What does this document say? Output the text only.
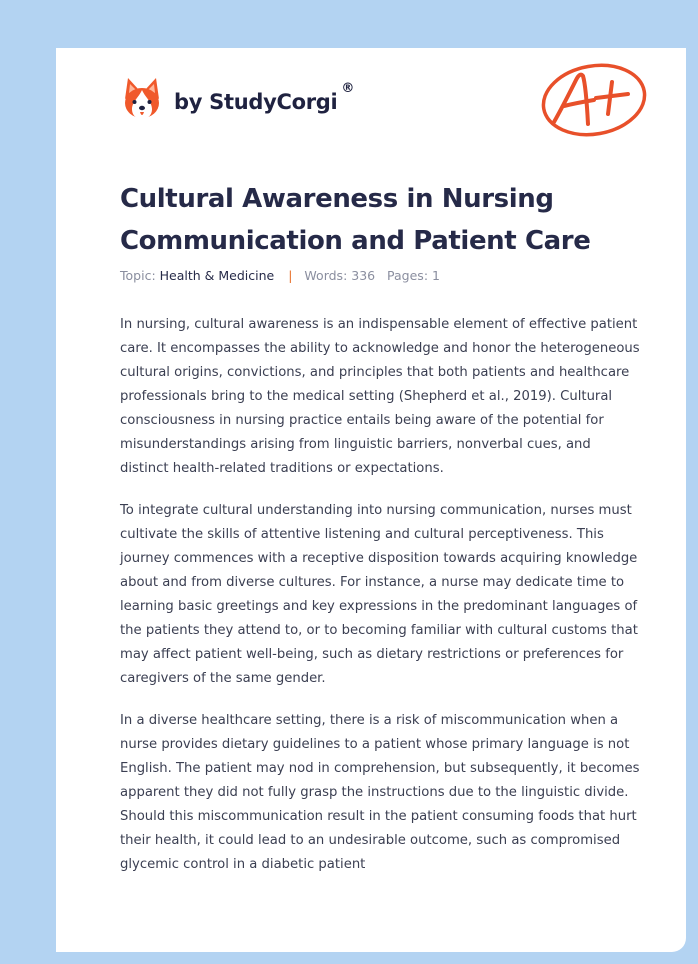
by StudyCorgi
®
Cultural Awareness in Nursing Communication and Patient Care
Topic: Health & Medicine | Words: 336 Pages: 1

In nursing, cultural awareness is an indispensable element of effective patient care. It encompasses the ability to acknowledge and honor the heterogeneous cultural origins, convictions, and principles that both patients and healthcare professionals bring to the medical setting (Shepherd et al., 2019). Cultural consciousness in nursing practice entails being aware of the potential for misunderstandings arising from linguistic barriers, nonverbal cues, and distinct health-related traditions or expectations.

To integrate cultural understanding into nursing communication, nurses must cultivate the skills of attentive listening and cultural perceptiveness. This journey commences with a receptive disposition towards acquiring knowledge about and from diverse cultures. For instance, a nurse may dedicate time to learning basic greetings and key expressions in the predominant languages of the patients they attend to, or to becoming familiar with cultural customs that may affect patient well-being, such as dietary restrictions or preferences for caregivers of the same gender.

In a diverse healthcare setting, there is a risk of miscommunication when a nurse provides dietary guidelines to a patient whose primary language is not English. The patient may nod in comprehension, but subsequently, it becomes apparent they did not fully grasp the instructions due to the linguistic divide. Should this miscommunication result in the patient consuming foods that hurt their health, it could lead to an undesirable outcome, such as compromised glycemic control in a diabetic patient
